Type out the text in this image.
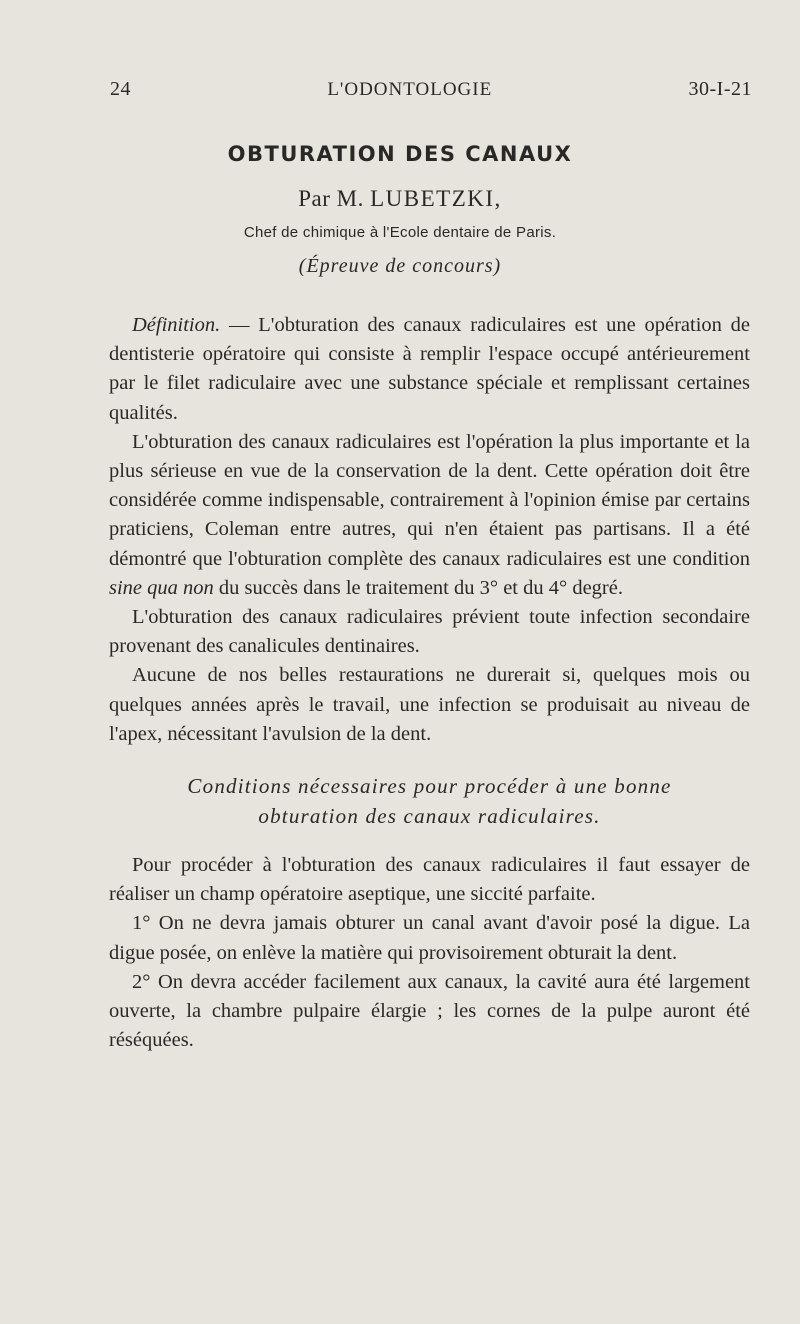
24	L'ODONTOLOGIE	30-I-21
OBTURATION DES CANAUX
Par M. LUBETZKI,
Chef de chimique à l'Ecole dentaire de Paris.
(Épreuve de concours)

Définition. — L'obturation des canaux radiculaires est une opération de dentisterie opératoire qui consiste à remplir l'espace occupé antérieurement par le filet radiculaire avec une substance spéciale et remplissant certaines qualités.

L'obturation des canaux radiculaires est l'opération la plus importante et la plus sérieuse en vue de la conservation de la dent. Cette opération doit être considérée comme indispensable, contrairement à l'opinion émise par certains praticiens, Coleman entre autres, qui n'en étaient pas partisans. Il a été démontré que l'obturation complète des canaux radiculaires est une condition sine qua non du succès dans le traitement du 3° et du 4° degré.

L'obturation des canaux radiculaires prévient toute infection secondaire provenant des canalicules dentinaires.

Aucune de nos belles restaurations ne durerait si, quelques mois ou quelques années après le travail, une infection se produisait au niveau de l'apex, nécessitant l'avulsion de la dent.

Conditions nécessaires pour procéder à une bonne
obturation des canaux radiculaires.

Pour procéder à l'obturation des canaux radiculaires il faut essayer de réaliser un champ opératoire aseptique, une siccité parfaite.

1° On ne devra jamais obturer un canal avant d'avoir posé la digue. La digue posée, on enlève la matière qui provisoirement obturait la dent.

2° On devra accéder facilement aux canaux, la cavité aura été largement ouverte, la chambre pulpaire élargie ; les cornes de la pulpe auront été réséquées.
